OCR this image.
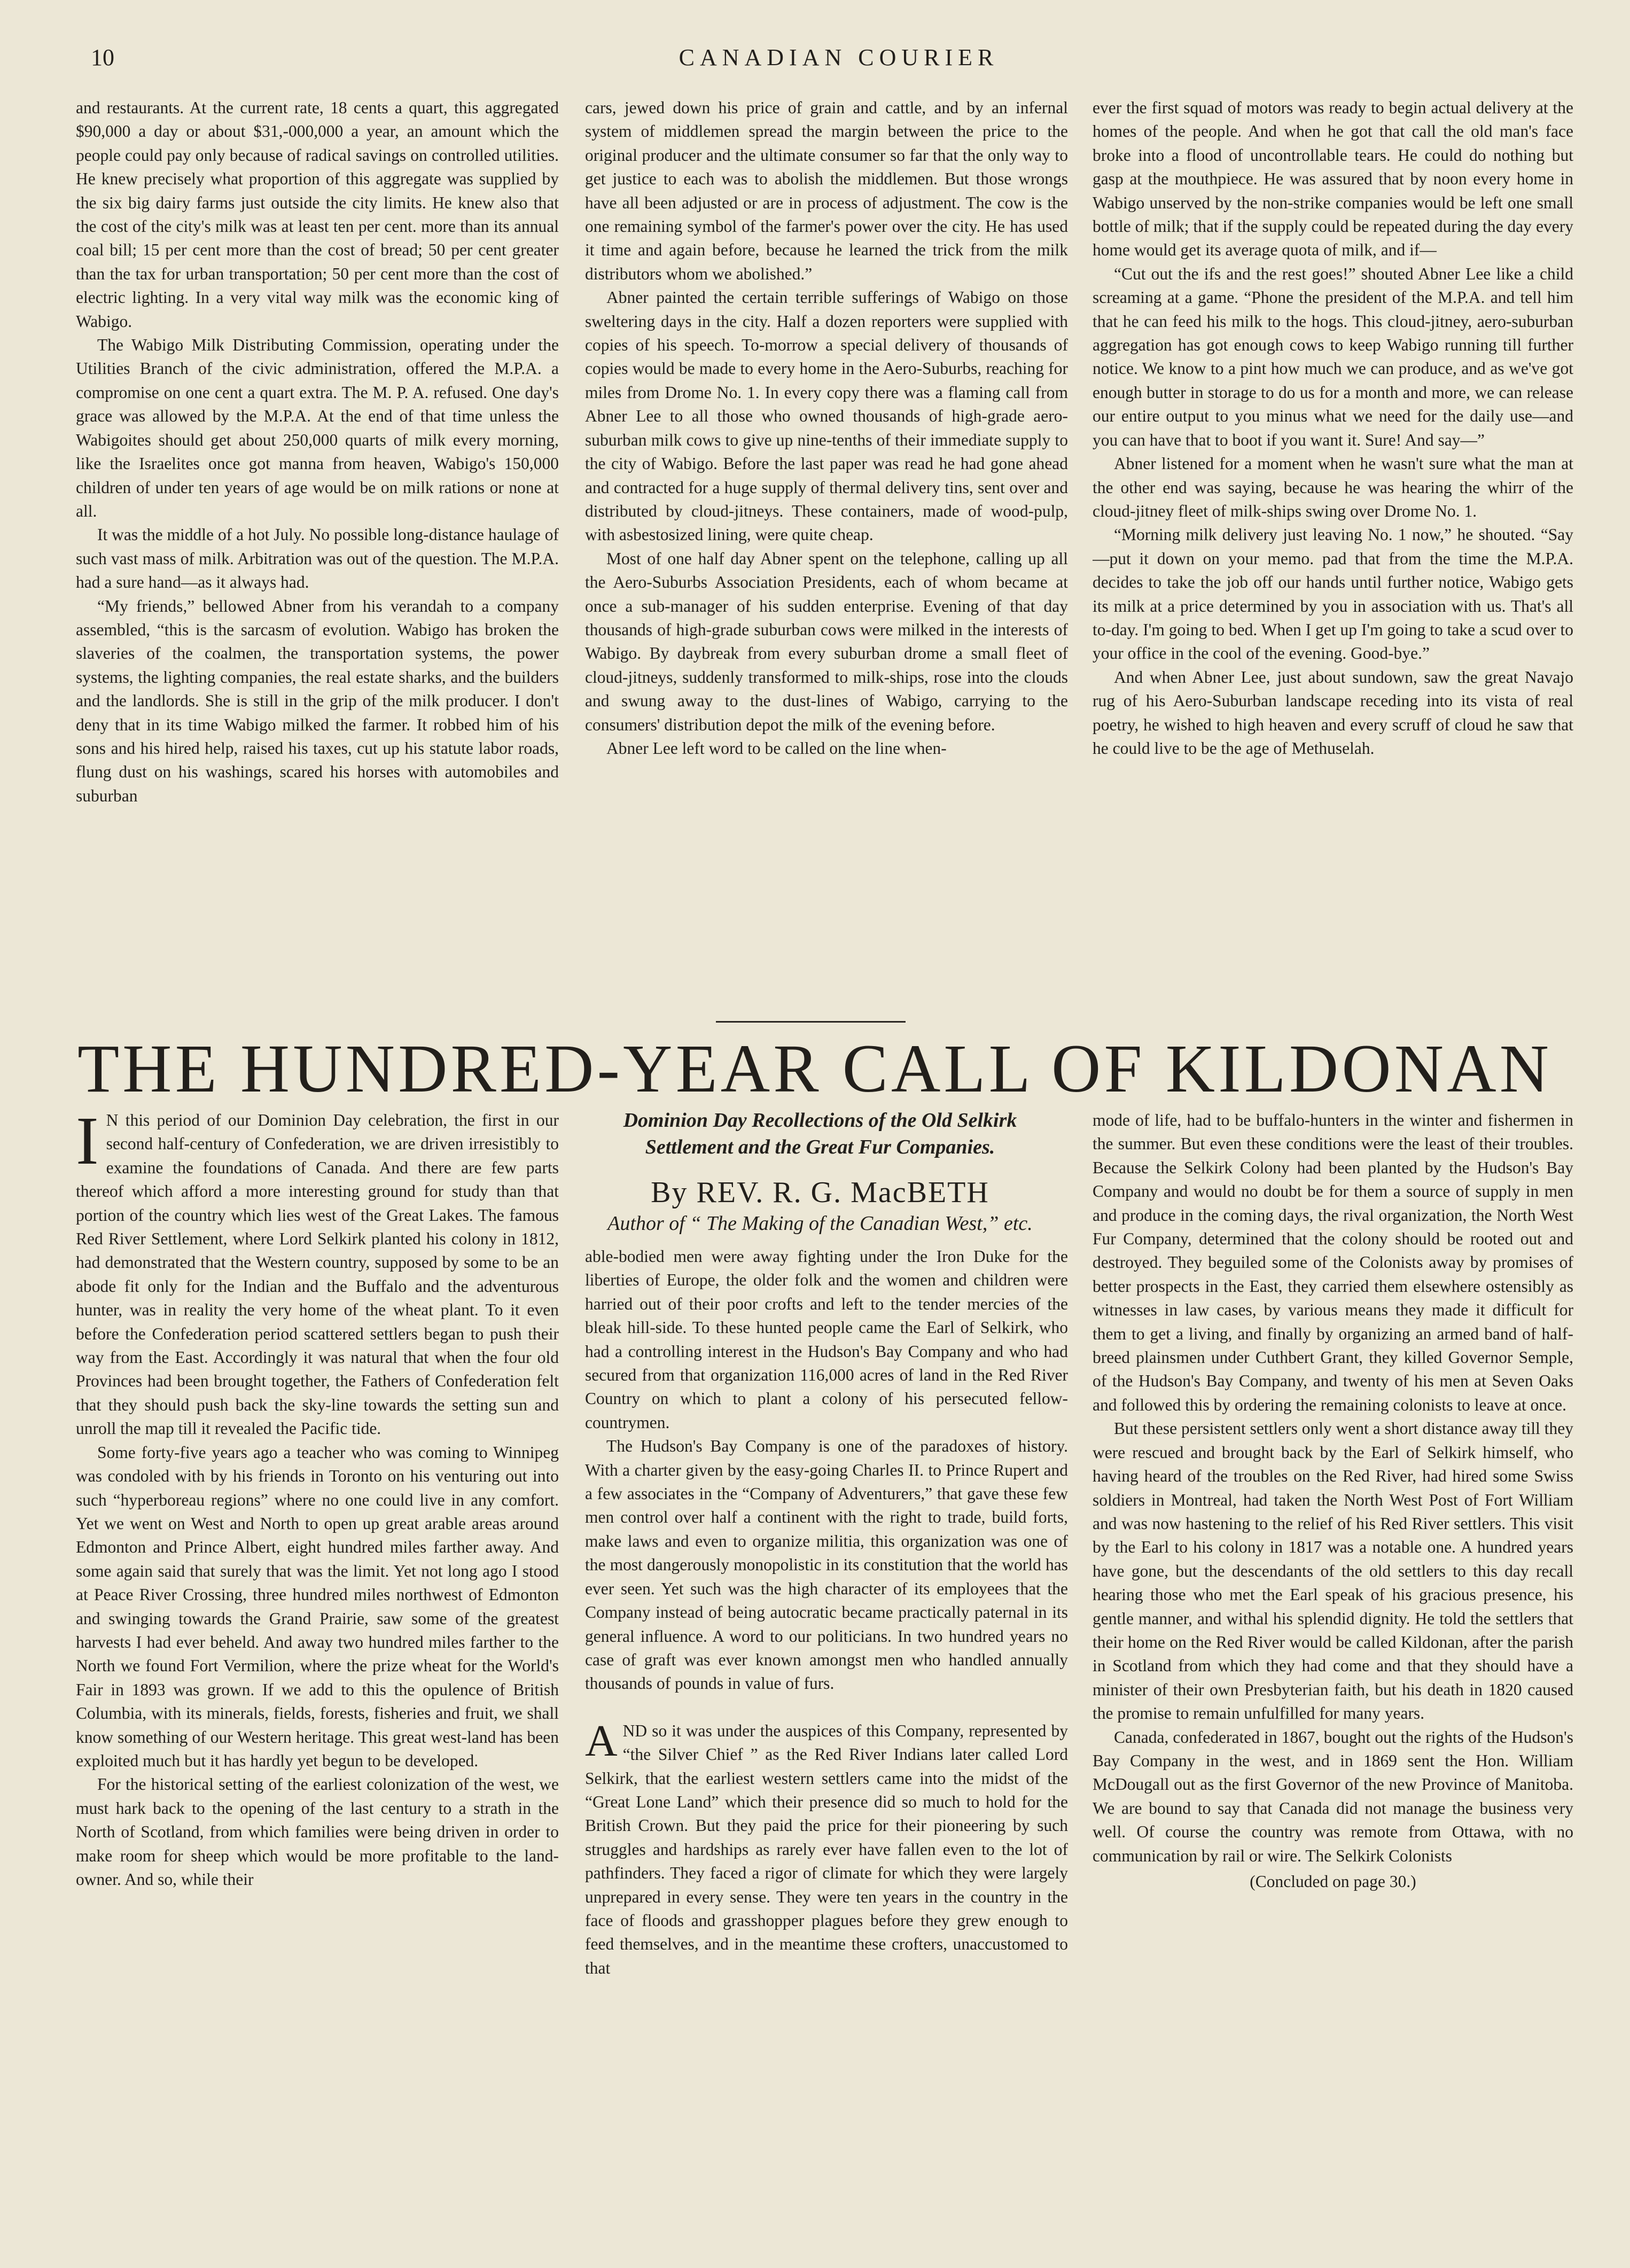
10	CANADIAN COURIER

and restaurants. At the current rate, 18 cents a quart, this aggregated $90,000 a day or about $31,-000,000 a year, an amount which the people could pay only because of radical savings on controlled utilities. He knew precisely what proportion of this aggregate was supplied by the six big dairy farms just outside the city limits. He knew also that the cost of the city's milk was at least ten per cent. more than its annual coal bill; 15 per cent more than the cost of bread; 50 per cent greater than the tax for urban transportation; 50 per cent more than the cost of electric lighting. In a very vital way milk was the economic king of Wabigo.

The Wabigo Milk Distributing Commission, operating under the Utilities Branch of the civic administration, offered the M.P.A. a compromise on one cent a quart extra. The M. P. A. refused. One day's grace was allowed by the M.P.A. At the end of that time unless the Wabigoites should get about 250,000 quarts of milk every morning, like the Israelites once got manna from heaven, Wabigo's 150,000 children of under ten years of age would be on milk rations or none at all.

It was the middle of a hot July. No possible long-distance haulage of such vast mass of milk. Arbitration was out of the question. The M.P.A. had a sure hand—as it always had.

“My friends,” bellowed Abner from his verandah to a company assembled, “this is the sarcasm of evolution. Wabigo has broken the slaveries of the coalmen, the transportation systems, the power systems, the lighting companies, the real estate sharks, and the builders and the landlords. She is still in the grip of the milk producer. I don't deny that in its time Wabigo milked the farmer. It robbed him of his sons and his hired help, raised his taxes, cut up his statute labor roads, flung dust on his washings, scared his horses with automobiles and suburban

cars, jewed down his price of grain and cattle, and by an infernal system of middlemen spread the margin between the price to the original producer and the ultimate consumer so far that the only way to get justice to each was to abolish the middlemen. But those wrongs have all been adjusted or are in process of adjustment. The cow is the one remaining symbol of the farmer's power over the city. He has used it time and again before, because he learned the trick from the milk distributors whom we abolished.”

Abner painted the certain terrible sufferings of Wabigo on those sweltering days in the city. Half a dozen reporters were supplied with copies of his speech. To-morrow a special delivery of thousands of copies would be made to every home in the Aero-Suburbs, reaching for miles from Drome No. 1. In every copy there was a flaming call from Abner Lee to all those who owned thousands of high-grade aero-suburban milk cows to give up nine-tenths of their immediate supply to the city of Wabigo. Before the last paper was read he had gone ahead and contracted for a huge supply of thermal delivery tins, sent over and distributed by cloud-jitneys. These containers, made of wood-pulp, with asbestosized lining, were quite cheap.

Most of one half day Abner spent on the telephone, calling up all the Aero-Suburbs Association Presidents, each of whom became at once a sub-manager of his sudden enterprise. Evening of that day thousands of high-grade suburban cows were milked in the interests of Wabigo. By daybreak from every suburban drome a small fleet of cloud-jitneys, suddenly transformed to milk-ships, rose into the clouds and swung away to the dust-lines of Wabigo, carrying to the consumers' distribution depot the milk of the evening before.

Abner Lee left word to be called on the line when-

ever the first squad of motors was ready to begin actual delivery at the homes of the people. And when he got that call the old man's face broke into a flood of uncontrollable tears. He could do nothing but gasp at the mouthpiece. He was assured that by noon every home in Wabigo unserved by the non-strike companies would be left one small bottle of milk; that if the supply could be repeated during the day every home would get its average quota of milk, and if—

“Cut out the ifs and the rest goes!” shouted Abner Lee like a child screaming at a game. “Phone the president of the M.P.A. and tell him that he can feed his milk to the hogs. This cloud-jitney, aero-suburban aggregation has got enough cows to keep Wabigo running till further notice. We know to a pint how much we can produce, and as we've got enough butter in storage to do us for a month and more, we can release our entire output to you minus what we need for the daily use—and you can have that to boot if you want it. Sure! And say—”

Abner listened for a moment when he wasn't sure what the man at the other end was saying, because he was hearing the whirr of the cloud-jitney fleet of milk-ships swing over Drome No. 1.

“Morning milk delivery just leaving No. 1 now,” he shouted. “Say—put it down on your memo. pad that from the time the M.P.A. decides to take the job off our hands until further notice, Wabigo gets its milk at a price determined by you in association with us. That's all to-day. I'm going to bed. When I get up I'm going to take a scud over to your office in the cool of the evening. Good-bye.”

And when Abner Lee, just about sundown, saw the great Navajo rug of his Aero-Suburban landscape receding into its vista of real poetry, he wished to high heaven and every scruff of cloud he saw that he could live to be the age of Methuselah.

THE HUNDRED-YEAR CALL OF KILDONAN
Dominion Day Recollections of the Old Selkirk
Settlement and the Great Fur Companies.
By REV. R. G. MacBETH
Author of “ The Making of the Canadian West,” etc.

I N this period of our Dominion Day celebration, the first in our second half-century of Confederation, we are driven irresistibly to examine the foundations of Canada. And there are few parts thereof which afford a more interesting ground for study than that portion of the country which lies west of the Great Lakes. The famous Red River Settlement, where Lord Selkirk planted his colony in 1812, had demonstrated that the Western country, supposed by some to be an abode fit only for the Indian and the Buffalo and the adventurous hunter, was in reality the very home of the wheat plant. To it even before the Confederation period scattered settlers began to push their way from the East. Accordingly it was natural that when the four old Provinces had been brought together, the Fathers of Confederation felt that they should push back the sky-line towards the setting sun and unroll the map till it revealed the Pacific tide.

Some forty-five years ago a teacher who was coming to Winnipeg was condoled with by his friends in Toronto on his venturing out into such “hyperboreau regions” where no one could live in any comfort. Yet we went on West and North to open up great arable areas around Edmonton and Prince Albert, eight hundred miles farther away. And some again said that surely that was the limit. Yet not long ago I stood at Peace River Crossing, three hundred miles northwest of Edmonton and swinging towards the Grand Prairie, saw some of the greatest harvests I had ever beheld. And away two hundred miles farther to the North we found Fort Vermilion, where the prize wheat for the World's Fair in 1893 was grown. If we add to this the opulence of British Columbia, with its minerals, fields, forests, fisheries and fruit, we shall know something of our Western heritage. This great west-land has been exploited much but it has hardly yet begun to be developed.

For the historical setting of the earliest colonization of the west, we must hark back to the opening of the last century to a strath in the North of Scotland, from which families were being driven in order to make room for sheep which would be more profitable to the land-owner. And so, while their

able-bodied men were away fighting under the Iron Duke for the liberties of Europe, the older folk and the women and children were harried out of their poor crofts and left to the tender mercies of the bleak hill-side. To these hunted people came the Earl of Selkirk, who had a controlling interest in the Hudson's Bay Company and who had secured from that organization 116,000 acres of land in the Red River Country on which to plant a colony of his persecuted fellow-countrymen.

The Hudson's Bay Company is one of the paradoxes of history. With a charter given by the easy-going Charles II. to Prince Rupert and a few associates in the “Company of Adventurers,” that gave these few men control over half a continent with the right to trade, build forts, make laws and even to organize militia, this organization was one of the most dangerously monopolistic in its constitution that the world has ever seen. Yet such was the high character of its employees that the Company instead of being autocratic became practically paternal in its general influence. A word to our politicians. In two hundred years no case of graft was ever known amongst men who handled annually thousands of pounds in value of furs.

AND so it was under the auspices of this Company, represented by “the Silver Chief ” as the Red River Indians later called Lord Selkirk, that the earliest western settlers came into the midst of the “Great Lone Land” which their presence did so much to hold for the British Crown. But they paid the price for their pioneering by such struggles and hardships as rarely ever have fallen even to the lot of pathfinders. They faced a rigor of climate for which they were largely unprepared in every sense. They were ten years in the country in the face of floods and grasshopper plagues before they grew enough to feed themselves, and in the meantime these crofters, unaccustomed to that

mode of life, had to be buffalo-hunters in the winter and fishermen in the summer. But even these conditions were the least of their troubles. Because the Selkirk Colony had been planted by the Hudson's Bay Company and would no doubt be for them a source of supply in men and produce in the coming days, the rival organization, the North West Fur Company, determined that the colony should be rooted out and destroyed. They beguiled some of the Colonists away by promises of better prospects in the East, they carried them elsewhere ostensibly as witnesses in law cases, by various means they made it difficult for them to get a living, and finally by organizing an armed band of half-breed plainsmen under Cuthbert Grant, they killed Governor Semple, of the Hudson's Bay Company, and twenty of his men at Seven Oaks and followed this by ordering the remaining colonists to leave at once.

But these persistent settlers only went a short distance away till they were rescued and brought back by the Earl of Selkirk himself, who having heard of the troubles on the Red River, had hired some Swiss soldiers in Montreal, had taken the North West Post of Fort William and was now hastening to the relief of his Red River settlers. This visit by the Earl to his colony in 1817 was a notable one. A hundred years have gone, but the descendants of the old settlers to this day recall hearing those who met the Earl speak of his gracious presence, his gentle manner, and withal his splendid dignity. He told the settlers that their home on the Red River would be called Kildonan, after the parish in Scotland from which they had come and that they should have a minister of their own Presbyterian faith, but his death in 1820 caused the promise to remain unfulfilled for many years.

Canada, confederated in 1867, bought out the rights of the Hudson's Bay Company in the west, and in 1869 sent the Hon. William McDougall out as the first Governor of the new Province of Manitoba. We are bound to say that Canada did not manage the business very well. Of course the country was remote from Ottawa, with no communication by rail or wire. The Selkirk Colonists

(Concluded on page 30.)
